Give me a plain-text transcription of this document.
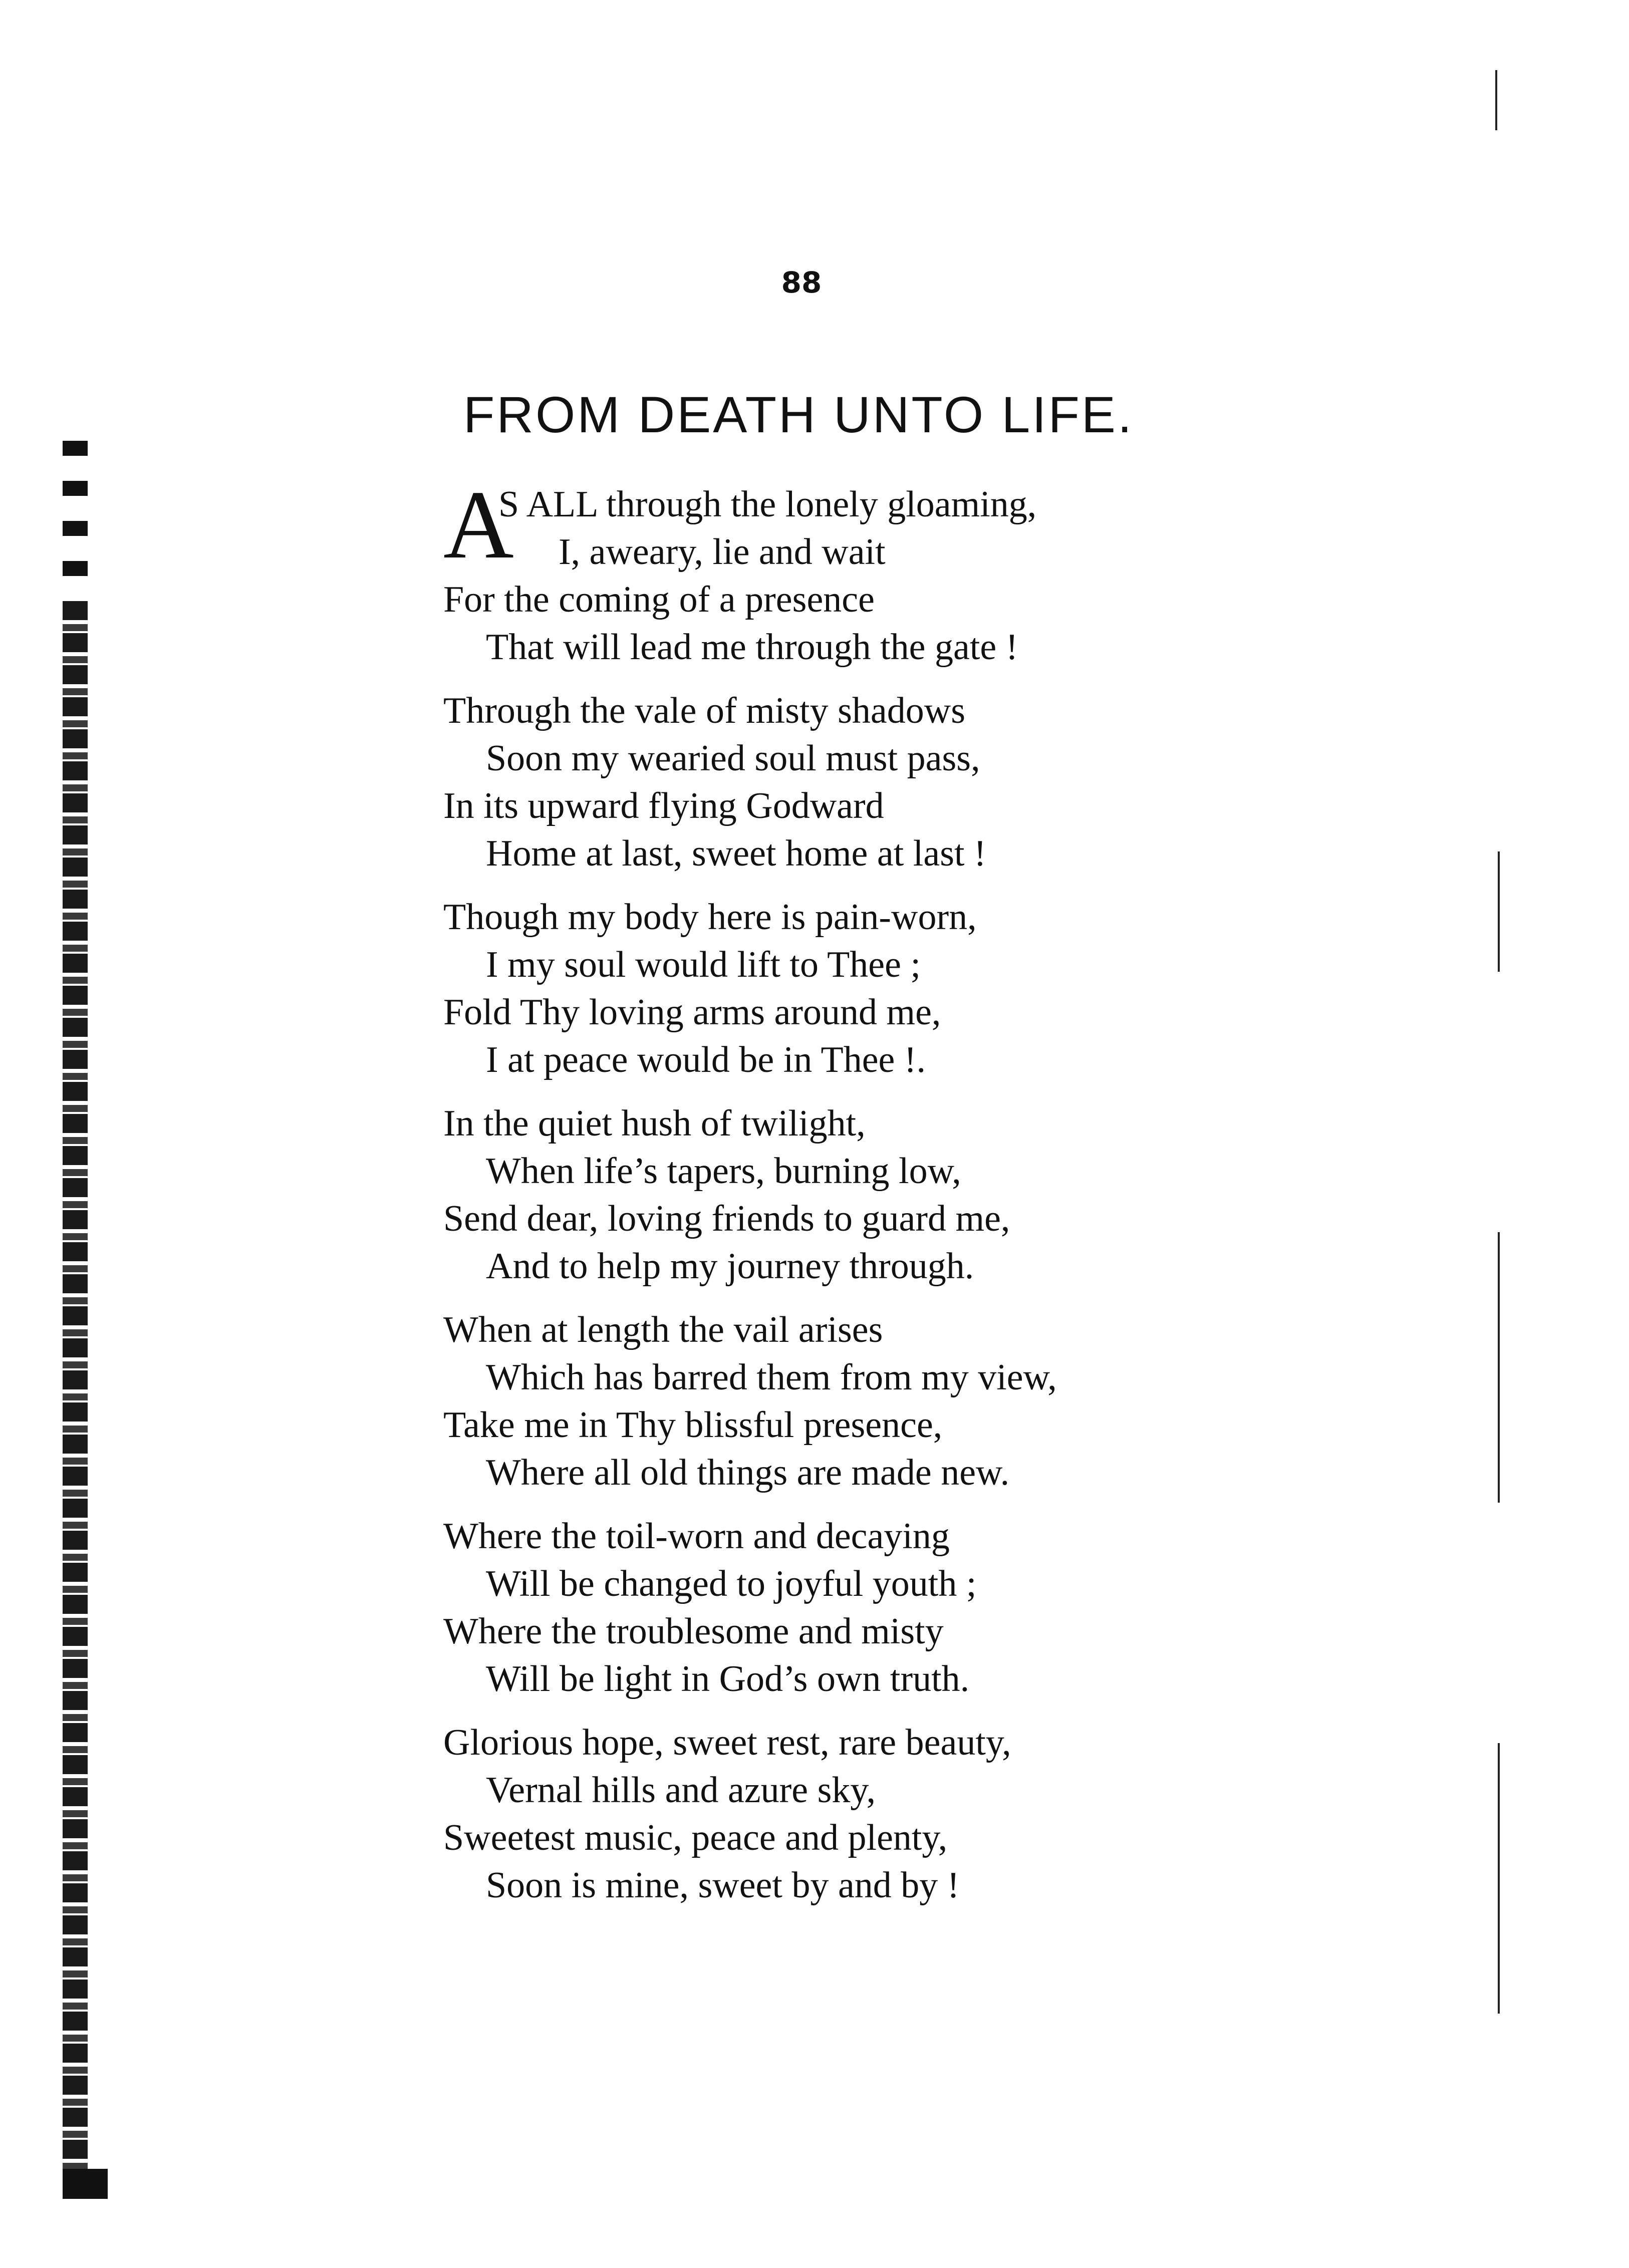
88
FROM DEATH UNTO LIFE.
A
S ALL through the lonely gloaming,
I, aweary, lie and wait
For the coming of a presence
That will lead me through the gate !
Through the vale of misty shadows
Soon my wearied soul must pass,
In its upward flying Godward
Home at last, sweet home at last !
Though my body here is pain-worn,
I my soul would lift to Thee ;
Fold Thy loving arms around me,
I at peace would be in Thee !.
In the quiet hush of twilight,
When life’s tapers, burning low,
Send dear, loving friends to guard me,
And to help my journey through.
When at length the vail arises
Which has barred them from my view,
Take me in Thy blissful presence,
Where all old things are made new.
Where the toil-worn and decaying
Will be changed to joyful youth ;
Where the troublesome and misty
Will be light in God’s own truth.
Glorious hope, sweet rest, rare beauty,
Vernal hills and azure sky,
Sweetest music, peace and plenty,
Soon is mine, sweet by and by !
